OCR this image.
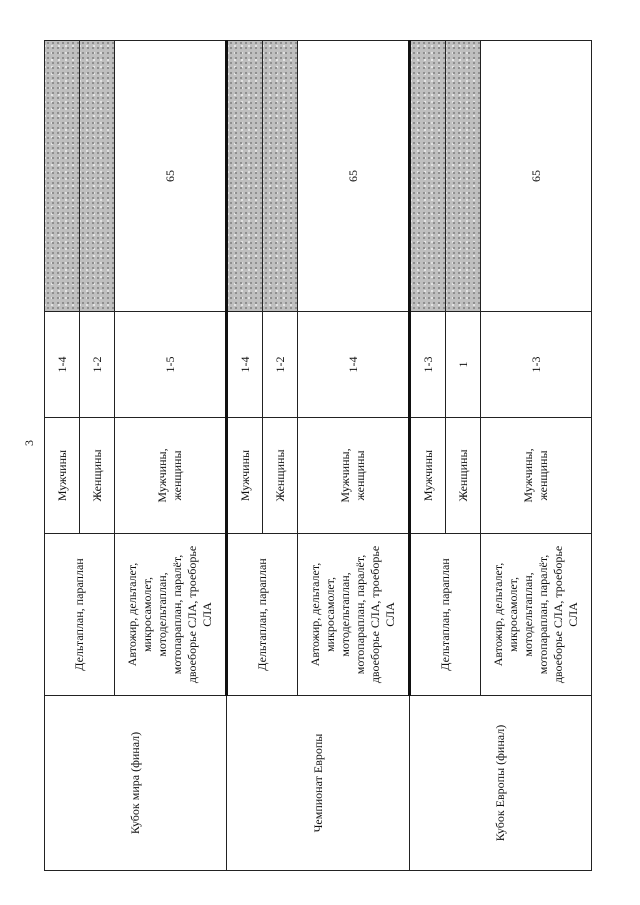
3
Кубок мира (финал)	Дельтаплан, параплан	Мужчины	1-4	
		Женщины	1-2	
	Автожир, дельталет, микросамолет, мотодельтаплан, мотопараплан, паралёт, двоеборье СЛА, троеборье СЛА	Мужчины, женщины	1-5	65
Чемпионат Европы	Дельтаплан, параплан	Мужчины	1-4	
		Женщины	1-2	
	Автожир, дельталет, микросамолет, мотодельтаплан, мотопараплан, паралёт, двоеборье СЛА, троеборье СЛА	Мужчины, женщины	1-4	65
Кубок Европы (финал)	Дельтаплан, параплан	Мужчины	1-3	
		Женщины	1	
	Автожир, дельталет, микросамолет, мотодельтаплан, мотопараплан, паралёт, двоеборье СЛА, троеборье СЛА	Мужчины, женщины	1-3	65
